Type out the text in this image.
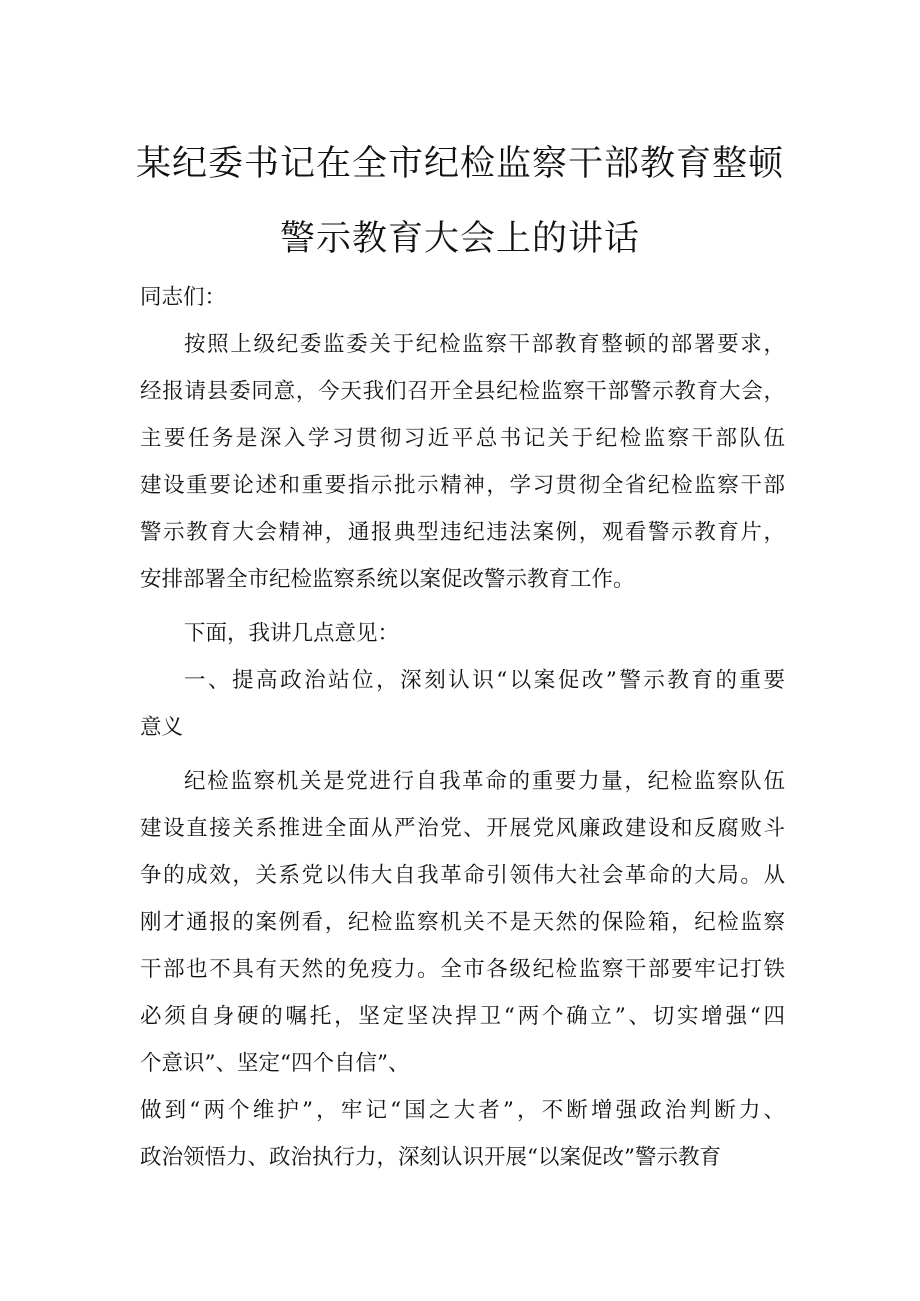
某纪委书记在全市纪检监察干部教育整顿
警示教育大会上的讲话
同志们：
按照上级纪委监委关于纪检监察干部教育整顿的部署要求，
经报请县委同意，今天我们召开全县纪检监察干部警示教育大会，
主要任务是深入学习贯彻习近平总书记关于纪检监察干部队伍
建设重要论述和重要指示批示精神，学习贯彻全省纪检监察干部
警示教育大会精神，通报典型违纪违法案例，观看警示教育片，
安排部署全市纪检监察系统以案促改警示教育工作。
下面，我讲几点意见：
一、提高政治站位，深刻认识“以案促改”警示教育的重要
意义
纪检监察机关是党进行自我革命的重要力量，纪检监察队伍
建设直接关系推进全面从严治党、开展党风廉政建设和反腐败斗
争的成效，关系党以伟大自我革命引领伟大社会革命的大局。从
刚才通报的案例看，纪检监察机关不是天然的保险箱，纪检监察
干部也不具有天然的免疫力。全市各级纪检监察干部要牢记打铁
必须自身硬的嘱托，坚定坚决捍卫“两个确立”、切实增强“四
个意识”、坚定“四个自信”、
做到“两个维护”，牢记“国之大者”，不断增强政治判断力、
政治领悟力、政治执行力，深刻认识开展“以案促改”警示教育
